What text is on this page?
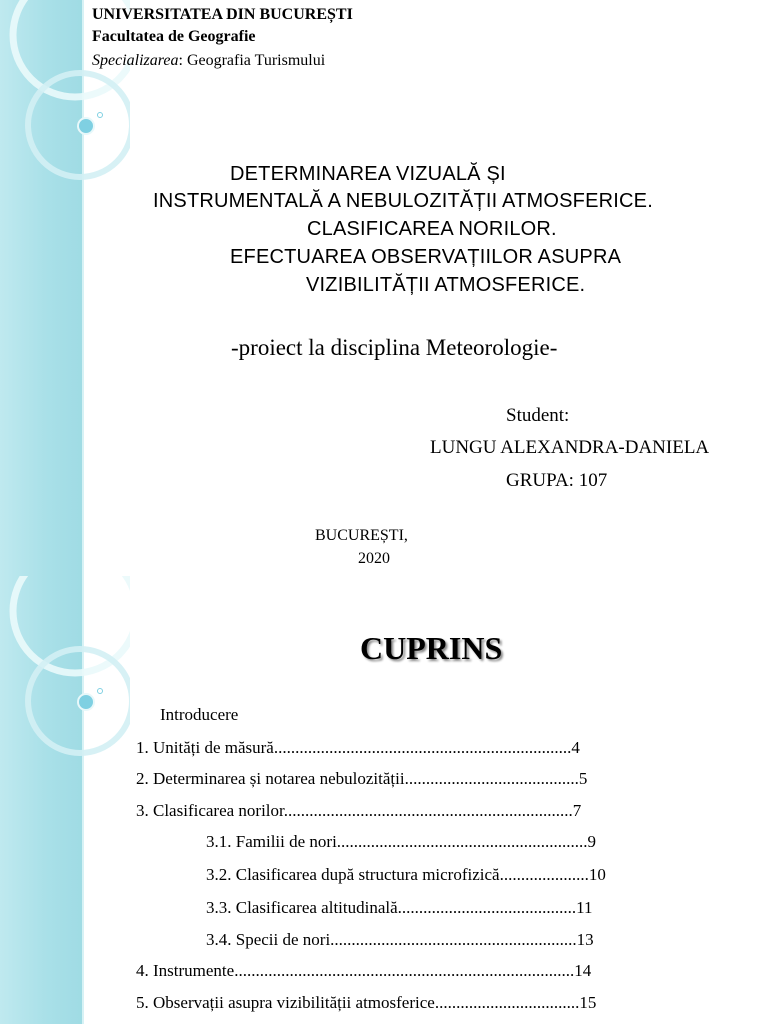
UNIVERSITATEA DIN BUCUREȘTI
Facultatea de Geografie
Specializarea: Geografia Turismului
DETERMINAREA VIZUALĂ ȘI
INSTRUMENTALĂ A NEBULOZITĂȚII ATMOSFERICE.
CLASIFICAREA NORILOR.
EFECTUAREA OBSERVAȚIILOR ASUPRA
VIZIBILITĂȚII ATMOSFERICE.
-proiect la disciplina Meteorologie-
Student:
LUNGU ALEXANDRA-DANIELA
GRUPA: 107
BUCUREȘTI,
2020
CUPRINS
Introducere
1. Unități de măsură......................................................................4
2. Determinarea și notarea nebulozității.........................................5
3. Clasificarea norilor....................................................................7
3.1. Familii de nori...........................................................9
3.2. Clasificarea după structura microfizică.....................10
3.3. Clasificarea altitudinală..........................................11
3.4. Specii de nori..........................................................13
4. Instrumente................................................................................14
5. Observații asupra vizibilității atmosferice..................................15
